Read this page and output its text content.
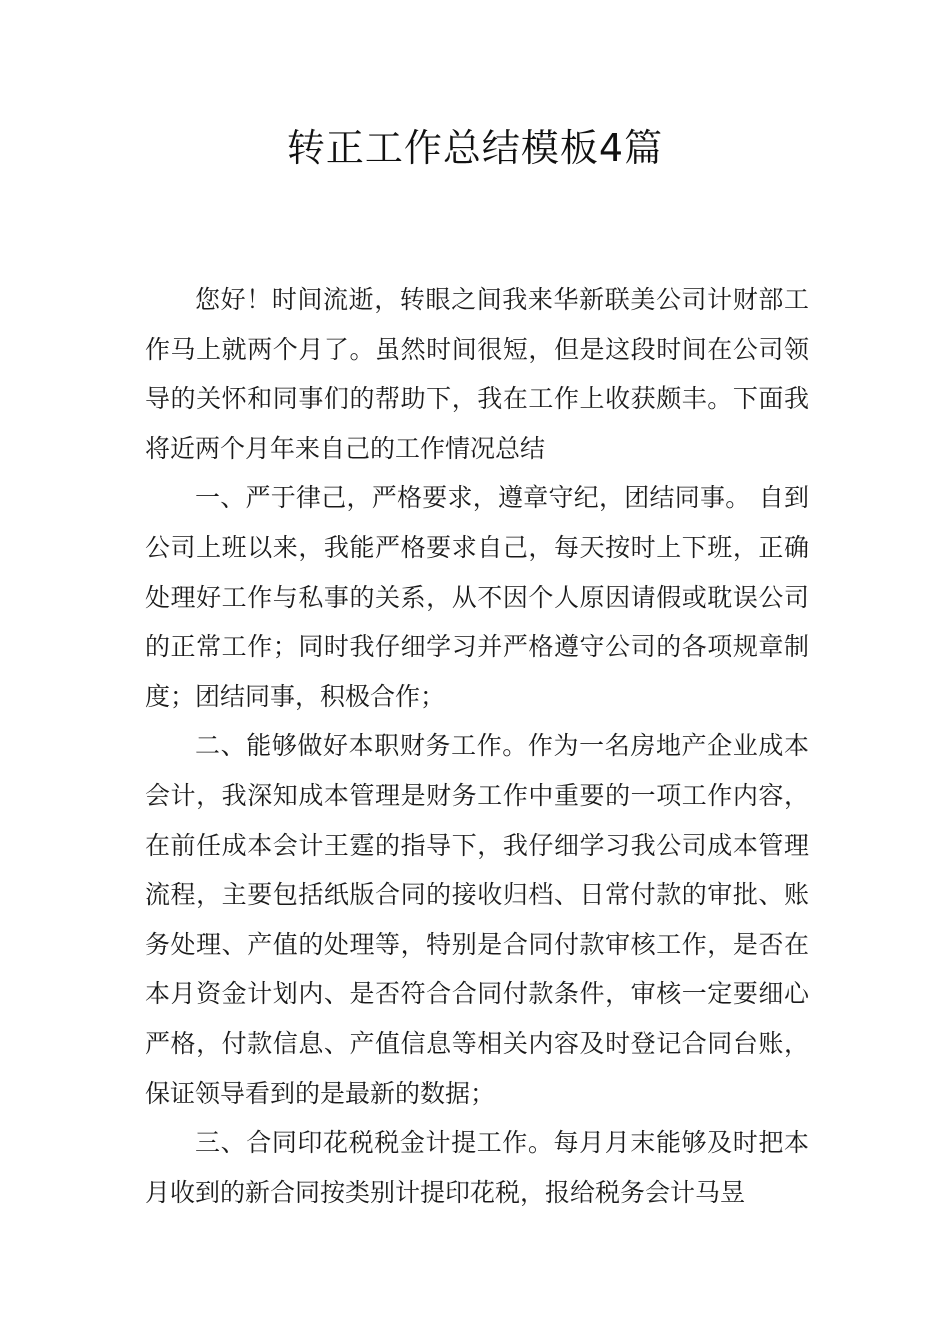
转正工作总结模板4篇

您好！时间流逝，转眼之间我来华新联美公司计财部工作马上就两个月了。虽然时间很短，但是这段时间在公司领导的关怀和同事们的帮助下，我在工作上收获颇丰。下面我将近两个月年来自己的工作情况总结

一、严于律己，严格要求，遵章守纪，团结同事。 自到公司上班以来，我能严格要求自己，每天按时上下班，正确处理好工作与私事的关系，从不因个人原因请假或耽误公司的正常工作；同时我仔细学习并严格遵守公司的各项规章制度；团结同事，积极合作；

二、能够做好本职财务工作。作为一名房地产企业成本会计，我深知成本管理是财务工作中重要的一项工作内容，在前任成本会计王霆的指导下，我仔细学习我公司成本管理流程，主要包括纸版合同的接收归档、日常付款的审批、账务处理、产值的处理等，特别是合同付款审核工作，是否在本月资金计划内、是否符合合同付款条件，审核一定要细心严格，付款信息、产值信息等相关内容及时登记合同台账，保证领导看到的是最新的数据；

三、合同印花税税金计提工作。每月月末能够及时把本月收到的新合同按类别计提印花税，报给税务会计马昱
